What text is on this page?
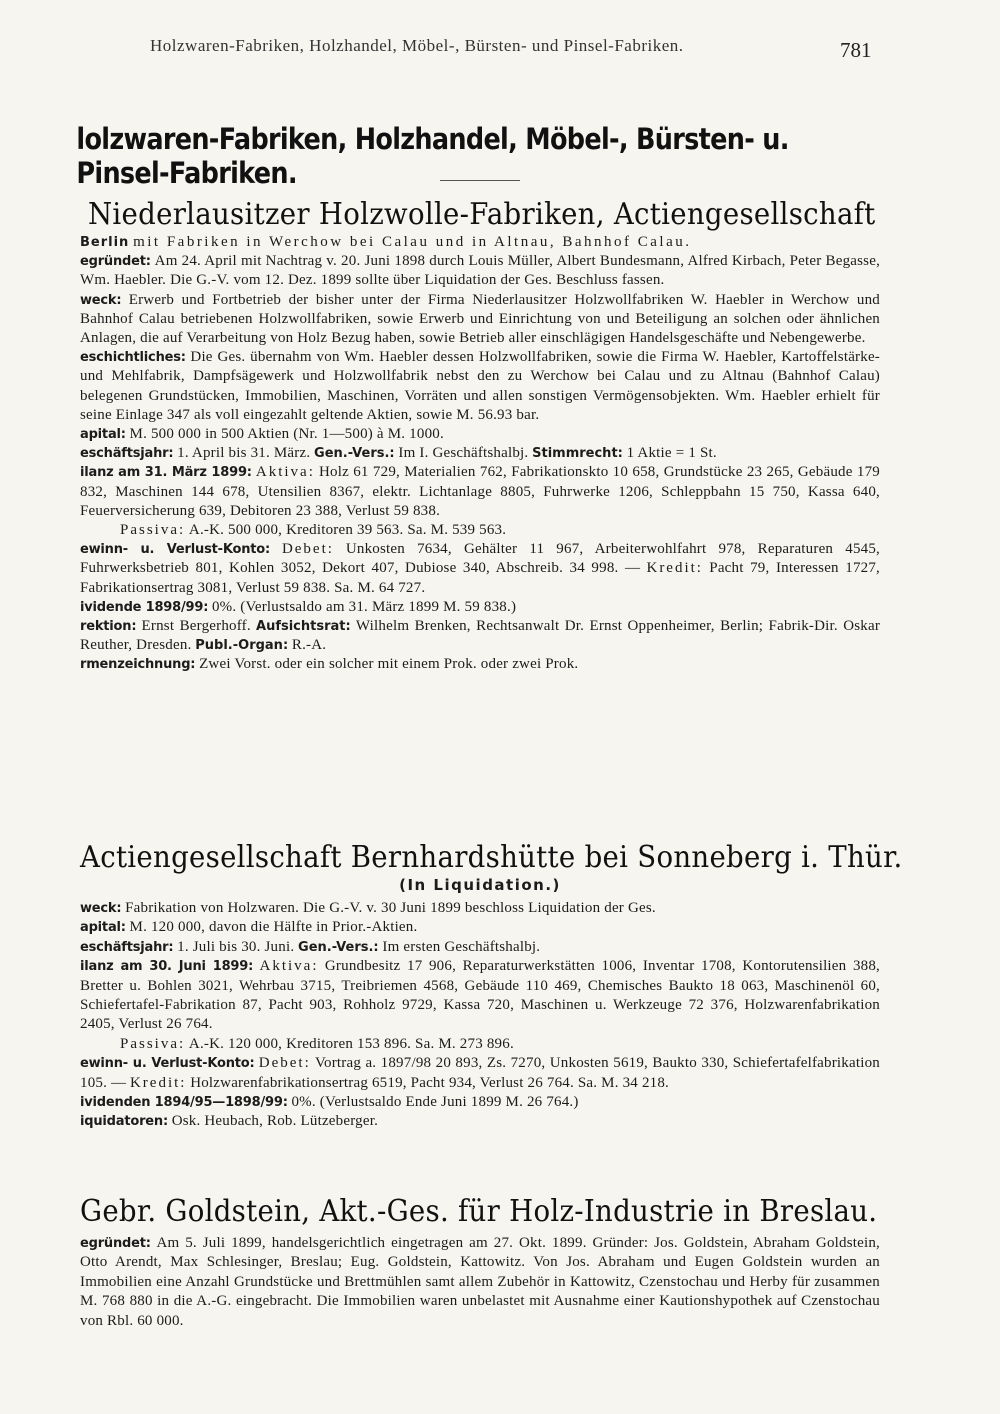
Holzwaren-Fabriken, Holzhandel, Möbel-, Bürsten- und Pinsel-Fabriken.	781
lolzwaren-Fabriken, Holzhandel, Möbel-, Bürsten- u. Pinsel-Fabriken.
Niederlausitzer Holzwolle-Fabriken, Actiengesellschaft

Berlin mit Fabriken in Werchow bei Calau und in Altnau, Bahnhof Calau.

egründet: Am 24. April mit Nachtrag v. 20. Juni 1898 durch Louis Müller, Albert Bundesmann, Alfred Kirbach, Peter Begasse, Wm. Haebler. Die G.-V. vom 12. Dez. 1899 sollte über Liquidation der Ges. Beschluss fassen.

weck: Erwerb und Fortbetrieb der bisher unter der Firma Niederlausitzer Holzwollfabriken W. Haebler in Werchow und Bahnhof Calau betriebenen Holzwollfabriken, sowie Erwerb und Einrichtung von und Beteiligung an solchen oder ähnlichen Anlagen, die auf Verarbeitung von Holz Bezug haben, sowie Betrieb aller einschlägigen Handelsgeschäfte und Nebengewerbe.

eschichtliches: Die Ges. übernahm von Wm. Haebler dessen Holzwollfabriken, sowie die Firma W. Haebler, Kartoffelstärke- und Mehlfabrik, Dampfsägewerk und Holzwollfabrik nebst den zu Werchow bei Calau und zu Altnau (Bahnhof Calau) belegenen Grundstücken, Immobilien, Maschinen, Vorräten und allen sonstigen Vermögensobjekten. Wm. Haebler erhielt für seine Einlage 347 als voll eingezahlt geltende Aktien, sowie M. 56.93 bar.

apital: M. 500 000 in 500 Aktien (Nr. 1—500) à M. 1000.

eschäftsjahr: 1. April bis 31. März. Gen.-Vers.: Im I. Geschäftshalbj. Stimmrecht: 1 Aktie = 1 St.

ilanz am 31. März 1899: Aktiva: Holz 61 729, Materialien 762, Fabrikationskto 10 658, Grundstücke 23 265, Gebäude 179 832, Maschinen 144 678, Utensilien 8367, elektr. Lichtanlage 8805, Fuhrwerke 1206, Schleppbahn 15 750, Kassa 640, Feuerversicherung 639, Debitoren 23 388, Verlust 59 838.

Passiva: A.-K. 500 000, Kreditoren 39 563. Sa. M. 539 563.

ewinn- u. Verlust-Konto: Debet: Unkosten 7634, Gehälter 11 967, Arbeiterwohlfahrt 978, Reparaturen 4545, Fuhrwerksbetrieb 801, Kohlen 3052, Dekort 407, Dubiose 340, Abschreib. 34 998. — Kredit: Pacht 79, Interessen 1727, Fabrikationsertrag 3081, Verlust 59 838. Sa. M. 64 727.

ividende 1898/99: 0%. (Verlustsaldo am 31. März 1899 M. 59 838.)

rektion: Ernst Bergerhoff. Aufsichtsrat: Wilhelm Brenken, Rechtsanwalt Dr. Ernst Oppenheimer, Berlin; Fabrik-Dir. Oskar Reuther, Dresden. Publ.-Organ: R.-A.

rmenzeichnung: Zwei Vorst. oder ein solcher mit einem Prok. oder zwei Prok.

Actiengesellschaft Bernhardshütte bei Sonneberg i. Thür.
(In Liquidation.)

weck: Fabrikation von Holzwaren. Die G.-V. v. 30 Juni 1899 beschloss Liquidation der Ges.

apital: M. 120 000, davon die Hälfte in Prior.-Aktien.

eschäftsjahr: 1. Juli bis 30. Juni. Gen.-Vers.: Im ersten Geschäftshalbj.

ilanz am 30. Juni 1899: Aktiva: Grundbesitz 17 906, Reparaturwerkstätten 1006, Inventar 1708, Kontorutensilien 388, Bretter u. Bohlen 3021, Wehrbau 3715, Treibriemen 4568, Gebäude 110 469, Chemisches Baukto 18 063, Maschinenöl 60, Schiefertafel-Fabrikation 87, Pacht 903, Rohholz 9729, Kassa 720, Maschinen u. Werkzeuge 72 376, Holzwarenfabrikation 2405, Verlust 26 764.

Passiva: A.-K. 120 000, Kreditoren 153 896. Sa. M. 273 896.

ewinn- u. Verlust-Konto: Debet: Vortrag a. 1897/98 20 893, Zs. 7270, Unkosten 5619, Baukto 330, Schiefertafelfabrikation 105. — Kredit: Holzwarenfabrikationsertrag 6519, Pacht 934, Verlust 26 764. Sa. M. 34 218.

ividenden 1894/95—1898/99: 0%. (Verlustsaldo Ende Juni 1899 M. 26 764.)

iquidatoren: Osk. Heubach, Rob. Lützeberger.

Gebr. Goldstein, Akt.-Ges. für Holz-Industrie in Breslau.

egründet: Am 5. Juli 1899, handelsgerichtlich eingetragen am 27. Okt. 1899. Gründer: Jos. Goldstein, Abraham Goldstein, Otto Arendt, Max Schlesinger, Breslau; Eug. Goldstein, Kattowitz. Von Jos. Abraham und Eugen Goldstein wurden an Immobilien eine Anzahl Grundstücke und Brettmühlen samt allem Zubehör in Kattowitz, Czenstochau und Herby für zusammen M. 768 880 in die A.-G. eingebracht. Die Immobilien waren unbelastet mit Ausnahme einer Kautionshypothek auf Czenstochau von Rbl. 60 000.
